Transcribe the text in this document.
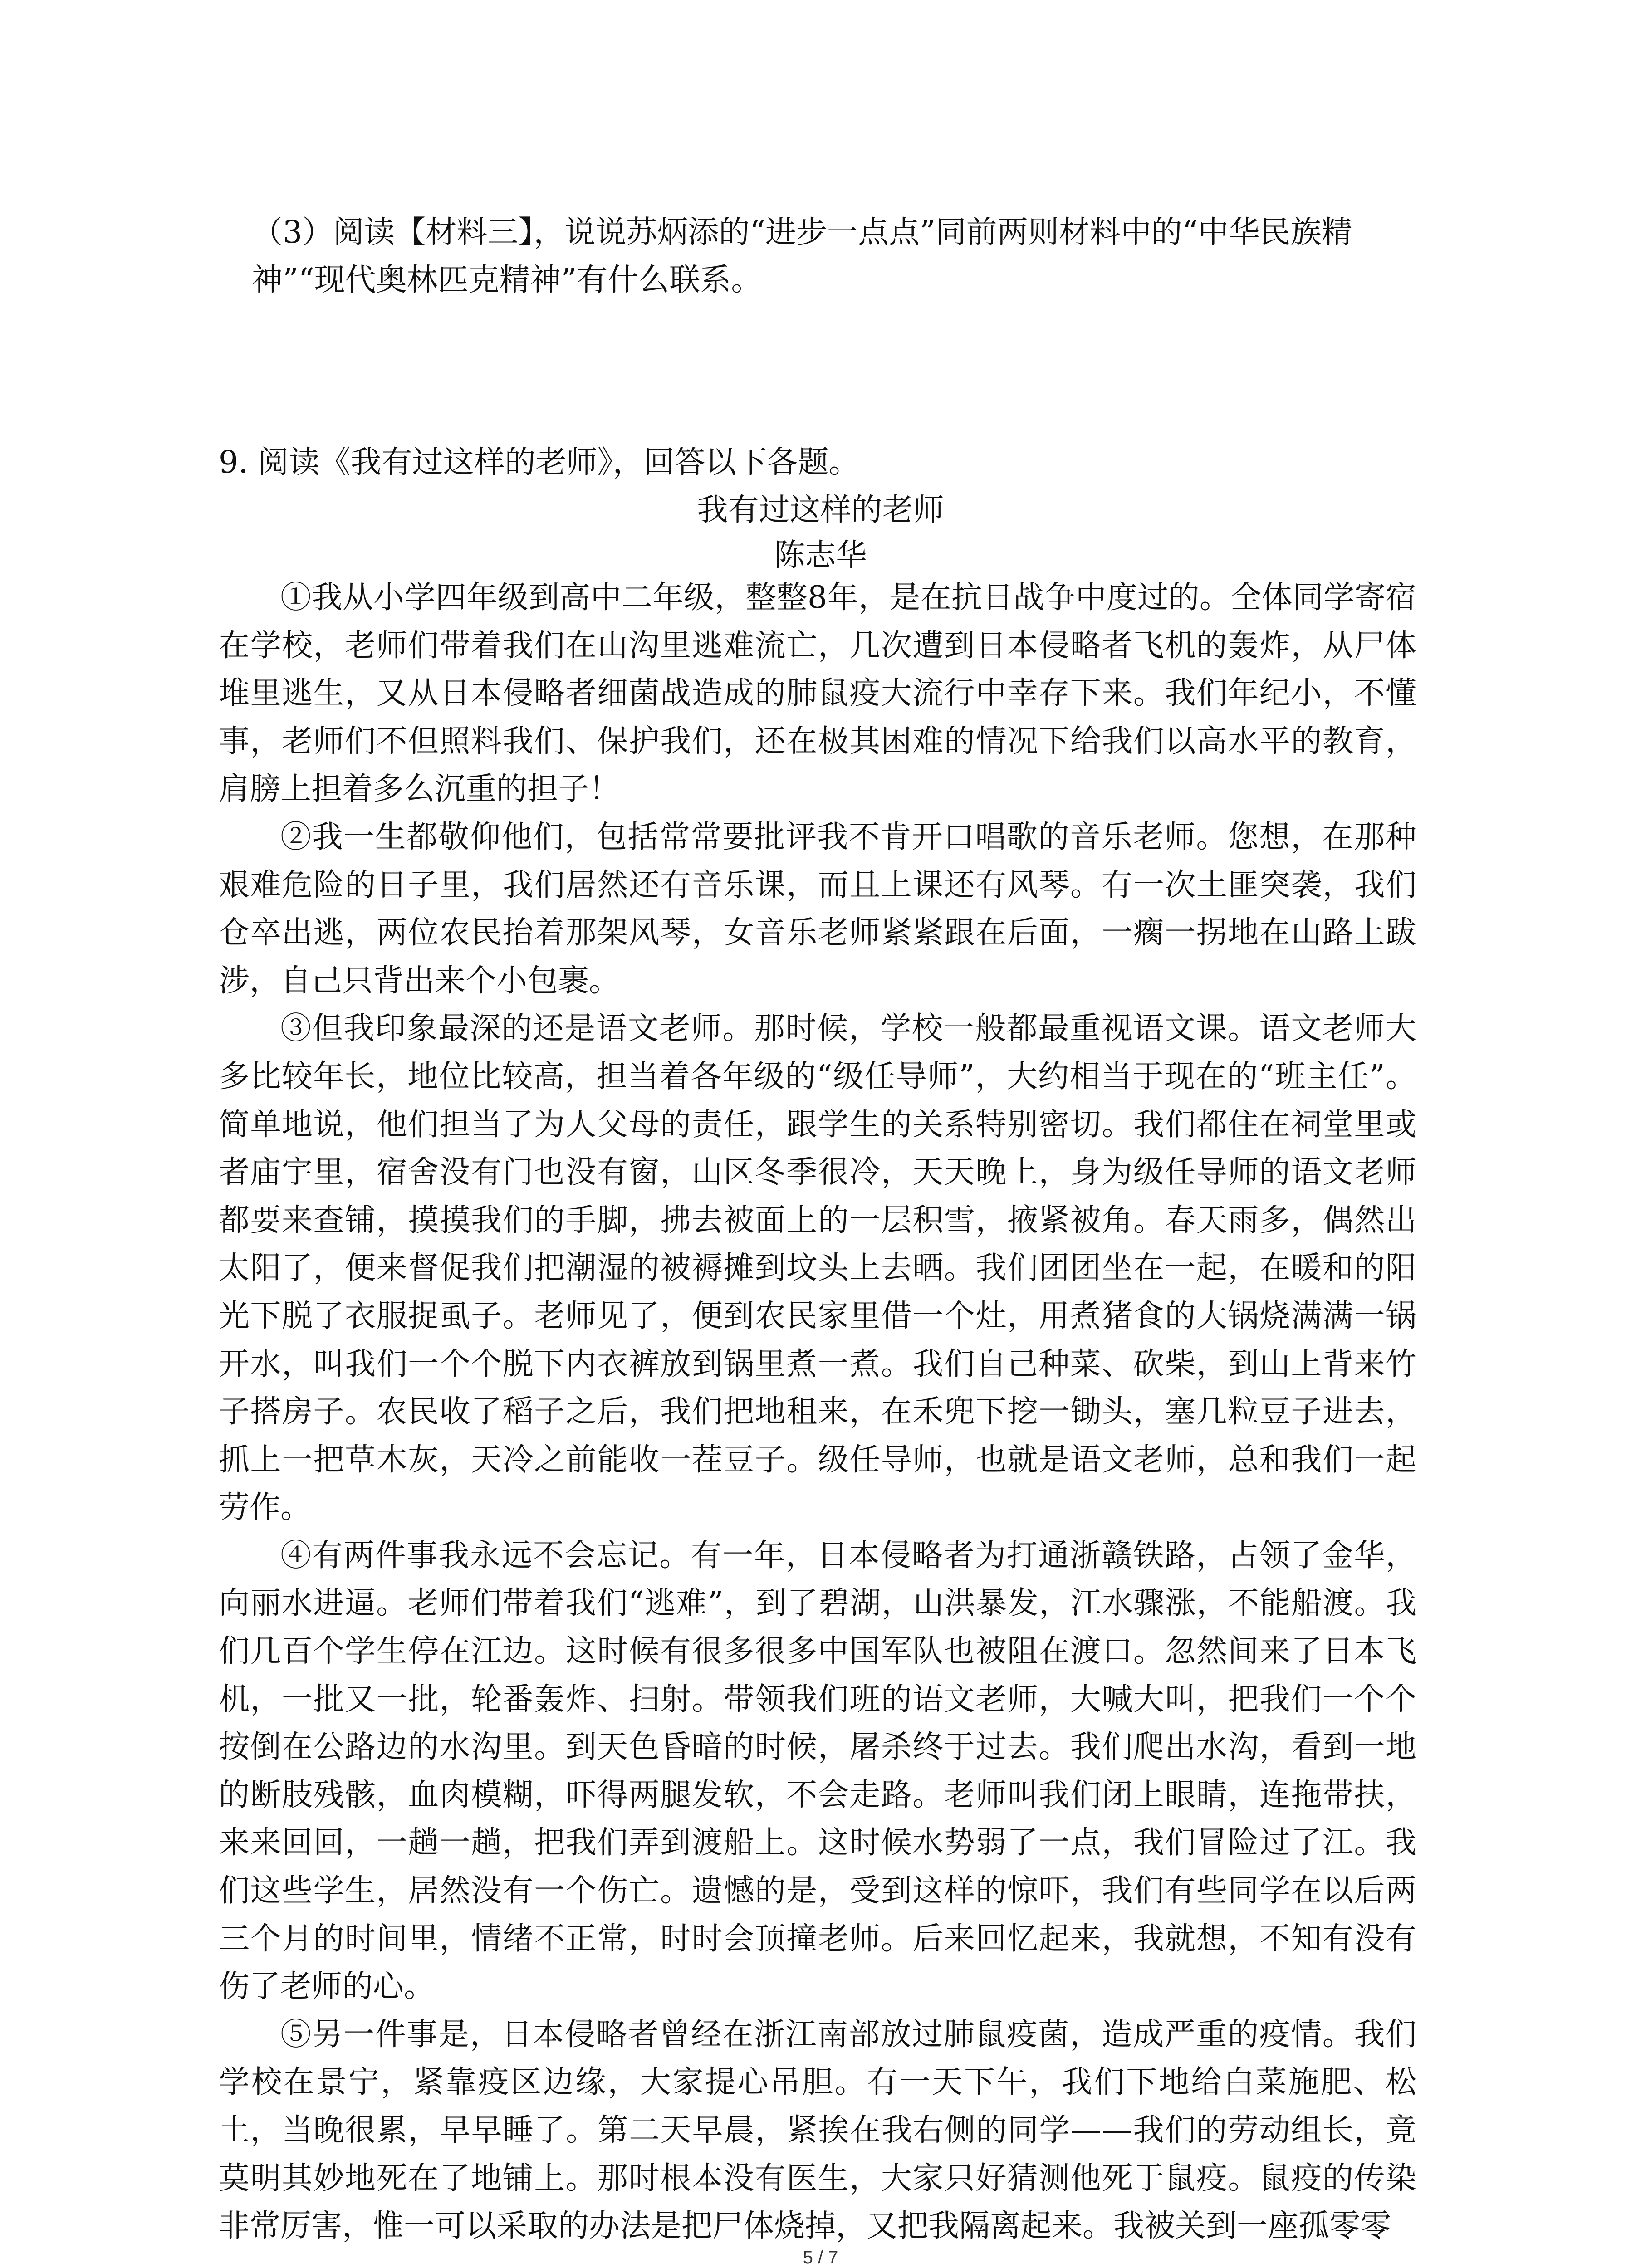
（3）阅读【材料三】，说说苏炳添的“进步一点点”同前两则材料中的“中华民族精神”“现代奥林匹克精神”有什么联系。

9. 阅读《我有过这样的老师》，回答以下各题。

我有过这样的老师

陈志华

①我从小学四年级到高中二年级，整整8年，是在抗日战争中度过的。全体同学寄宿在学校，老师们带着我们在山沟里逃难流亡，几次遭到日本侵略者飞机的轰炸，从尸体堆里逃生，又从日本侵略者细菌战造成的肺鼠疫大流行中幸存下来。我们年纪小，不懂事，老师们不但照料我们、保护我们，还在极其困难的情况下给我们以高水平的教育，肩膀上担着多么沉重的担子！

②我一生都敬仰他们，包括常常要批评我不肯开口唱歌的音乐老师。您想，在那种艰难危险的日子里，我们居然还有音乐课，而且上课还有风琴。有一次土匪突袭，我们仓卒出逃，两位农民抬着那架风琴，女音乐老师紧紧跟在后面，一瘸一拐地在山路上跋涉，自己只背出来个小包裹。

③但我印象最深的还是语文老师。那时候，学校一般都最重视语文课。语文老师大多比较年长，地位比较高，担当着各年级的“级任导师”，大约相当于现在的“班主任”。简单地说，他们担当了为人父母的责任，跟学生的关系特别密切。我们都住在祠堂里或者庙宇里，宿舍没有门也没有窗，山区冬季很冷，天天晚上，身为级任导师的语文老师都要来查铺，摸摸我们的手脚，拂去被面上的一层积雪，掖紧被角。春天雨多，偶然出太阳了，便来督促我们把潮湿的被褥摊到坟头上去晒。我们团团坐在一起，在暖和的阳光下脱了衣服捉虱子。老师见了，便到农民家里借一个灶，用煮猪食的大锅烧满满一锅开水，叫我们一个个脱下内衣裤放到锅里煮一煮。我们自己种菜、砍柴，到山上背来竹子搭房子。农民收了稻子之后，我们把地租来，在禾兜下挖一锄头，塞几粒豆子进去，抓上一把草木灰，天冷之前能收一茬豆子。级任导师，也就是语文老师，总和我们一起劳作。

④有两件事我永远不会忘记。有一年，日本侵略者为打通浙赣铁路，占领了金华，向丽水进逼。老师们带着我们“逃难”，到了碧湖，山洪暴发，江水骤涨，不能船渡。我们几百个学生停在江边。这时候有很多很多中国军队也被阻在渡口。忽然间来了日本飞机，一批又一批，轮番轰炸、扫射。带领我们班的语文老师，大喊大叫，把我们一个个按倒在公路边的水沟里。到天色昏暗的时候，屠杀终于过去。我们爬出水沟，看到一地的断肢残骸，血肉模糊，吓得两腿发软，不会走路。老师叫我们闭上眼睛，连拖带扶，来来回回，一趟一趟，把我们弄到渡船上。这时候水势弱了一点，我们冒险过了江。我们这些学生，居然没有一个伤亡。遗憾的是，受到这样的惊吓，我们有些同学在以后两三个月的时间里，情绪不正常，时时会顶撞老师。后来回忆起来，我就想，不知有没有伤了老师的心。

⑤另一件事是，日本侵略者曾经在浙江南部放过肺鼠疫菌，造成严重的疫情。我们学校在景宁，紧靠疫区边缘，大家提心吊胆。有一天下午，我们下地给白菜施肥、松土，当晚很累，早早睡了。第二天早晨，紧挨在我右侧的同学——我们的劳动组长，竟莫明其妙地死在了地铺上。那时根本没有医生，大家只好猜测他死于鼠疫。鼠疫的传染非常厉害，惟一可以采取的办法是把尸体烧掉，又把我隔离起来。我被关到一座孤零零

5 / 7
